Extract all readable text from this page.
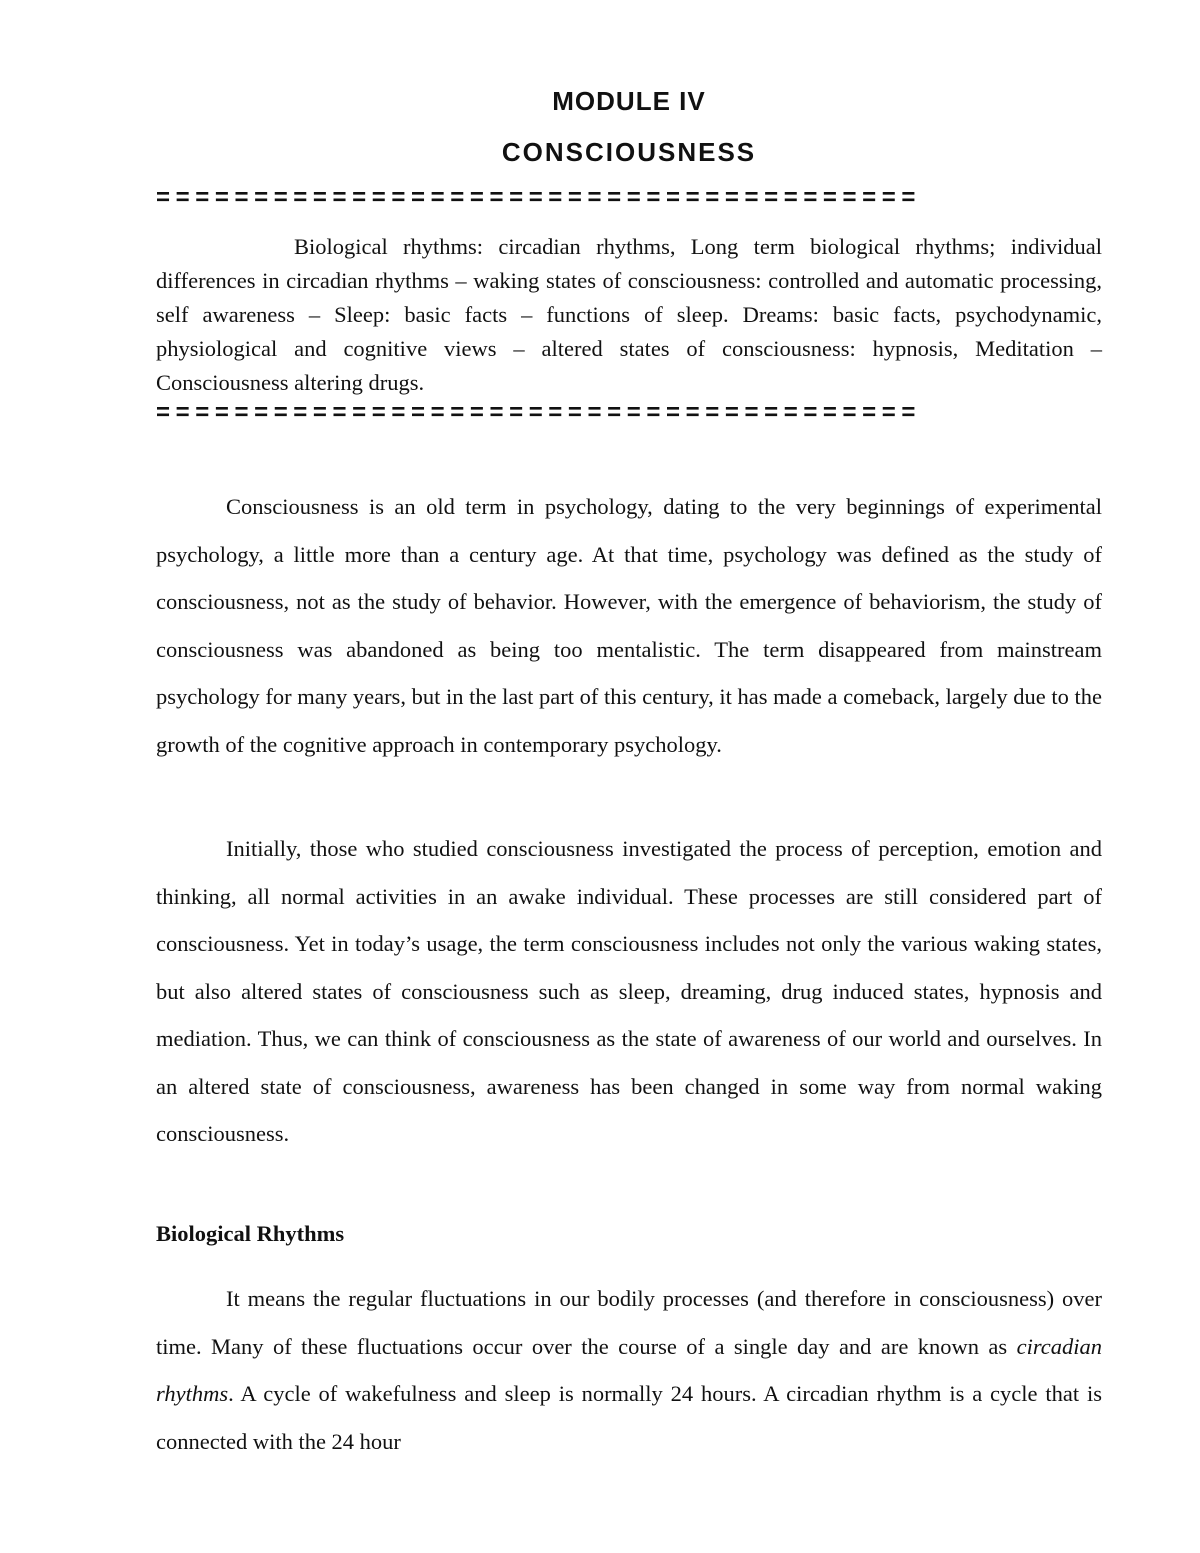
MODULE IV
CONSCIOUSNESS
=======================================

Biological rhythms: circadian rhythms, Long term biological rhythms; individual differences in circadian rhythms – waking states of consciousness: controlled and automatic processing, self awareness – Sleep: basic facts – functions of sleep. Dreams: basic facts, psychodynamic, physiological and cognitive views – altered states of consciousness: hypnosis, Meditation – Consciousness altering drugs.

=======================================

Consciousness is an old term in psychology, dating to the very beginnings of experimental psychology, a little more than a century age. At that time, psychology was defined as the study of consciousness, not as the study of behavior. However, with the emergence of behaviorism, the study of consciousness was abandoned as being too mentalistic. The term disappeared from mainstream psychology for many years, but in the last part of this century, it has made a comeback, largely due to the growth of the cognitive approach in contemporary psychology.

Initially, those who studied consciousness investigated the process of perception, emotion and thinking, all normal activities in an awake individual. These processes are still considered part of consciousness. Yet in today’s usage, the term consciousness includes not only the various waking states, but also altered states of consciousness such as sleep, dreaming, drug induced states, hypnosis and mediation. Thus, we can think of consciousness as the state of awareness of our world and ourselves. In an altered state of consciousness, awareness has been changed in some way from normal waking consciousness.

Biological Rhythms

It means the regular fluctuations in our bodily processes (and therefore in consciousness) over time. Many of these fluctuations occur over the course of a single day and are known as circadian rhythms. A cycle of wakefulness and sleep is normally 24 hours. A circadian rhythm is a cycle that is connected with the 24 hour
